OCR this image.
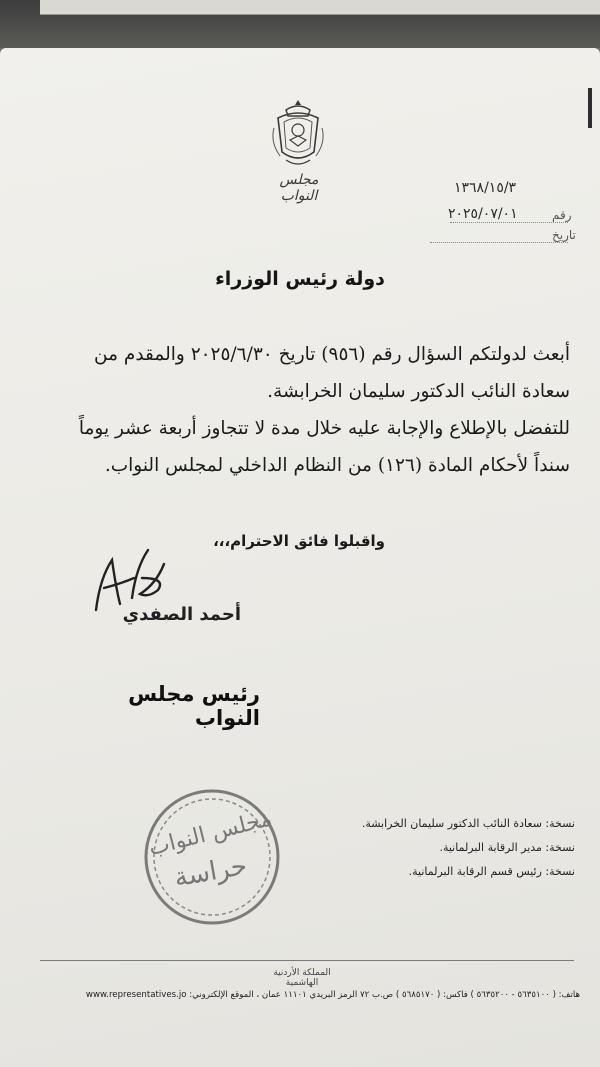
مجلس النواب	١٣٦٨/١٥/٣
٢٠٢٥/٠٧/٠١	رقم
تاريخ
دولة رئيس الوزراء
أبعث لدولتكم السؤال رقم (٩٥٦) تاريخ ٢٠٢٥/٦/٣٠ والمقدم من سعادة النائب الدكتور سليمان الخرابشة.
للتفضل بالإطلاع والإجابة عليه خلال مدة لا تتجاوز أربعة عشر يوماً سنداً لأحكام المادة (١٢٦) من النظام الداخلي لمجلس النواب.
واقبلوا فائق الاحترام،،،
أحمد الصفدي
رئيس مجلس النواب
مجلس النواب
حراسة
نسخة: سعادة النائب الدكتور سليمان الخرابشة.
نسخة: مدير الرقابة البرلمانية.
نسخة: رئيس قسم الرقابة البرلمانية.
المملكة الأردنية الهاشمية
هاتف: ( ٥٦٣٥١٠٠ - ٥٦٣٥٢٠٠ ) فاكس: ( ٥٦٨٥١٧٠ ) ص.ب ٧٢ الرمز البريدي ١١١٠١ عمان ، الموقع الإلكتروني: www.representatives.jo
